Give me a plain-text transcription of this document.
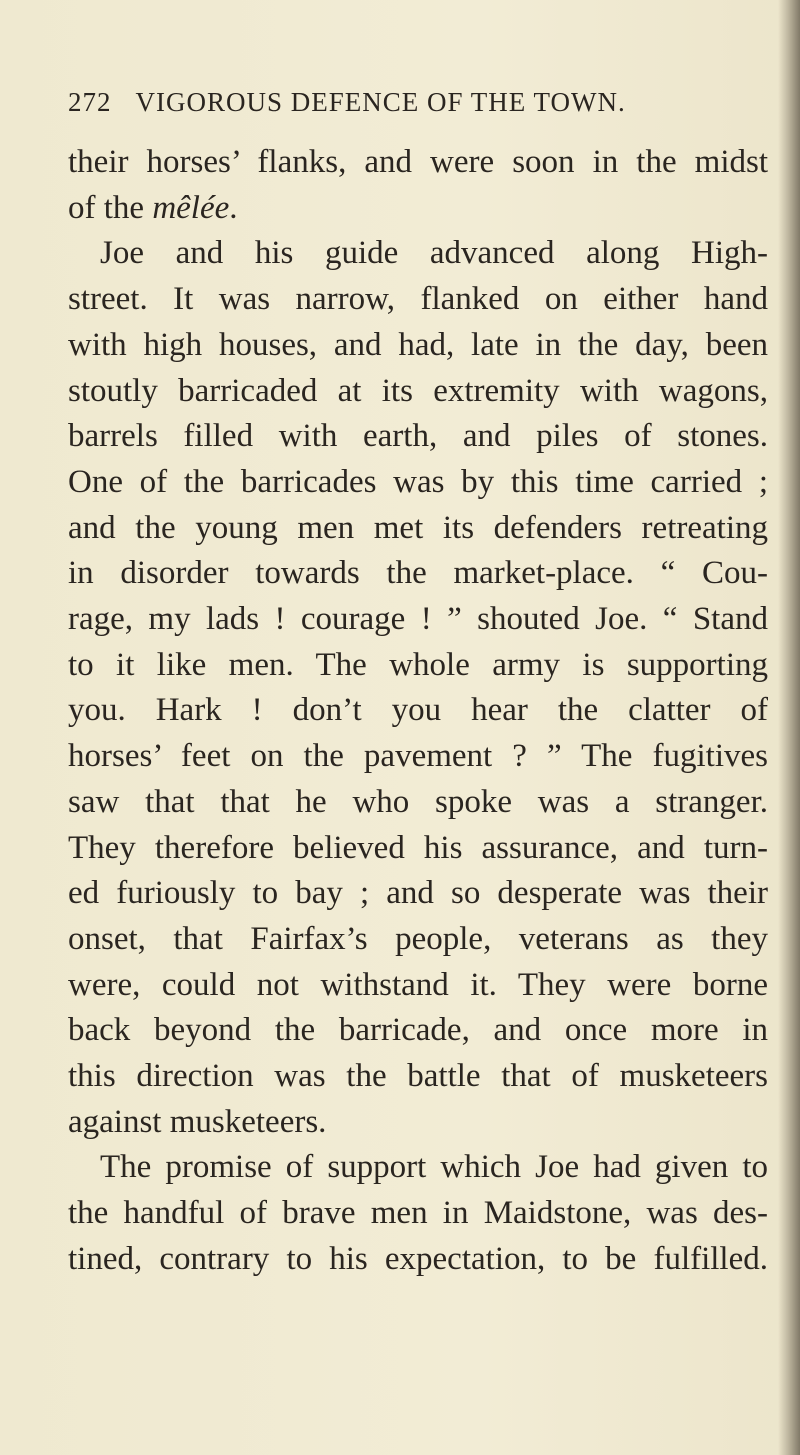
272 VIGOROUS DEFENCE OF THE TOWN.
their horses’ flanks, and were soon in the midst
of the mêlée.
Joe and his guide advanced along High-
street. It was narrow, flanked on either hand
with high houses, and had, late in the day, been
stoutly barricaded at its extremity with wagons,
barrels filled with earth, and piles of stones.
One of the barricades was by this time carried ;
and the young men met its defenders retreating
in disorder towards the market-place. “ Cou-
rage, my lads ! courage ! ” shouted Joe. “ Stand
to it like men. The whole army is supporting
you. Hark ! don’t you hear the clatter of
horses’ feet on the pavement ? ” The fugitives
saw that that he who spoke was a stranger.
They therefore believed his assurance, and turn-
ed furiously to bay ; and so desperate was their
onset, that Fairfax’s people, veterans as they
were, could not withstand it. They were borne
back beyond the barricade, and once more in
this direction was the battle that of musketeers
against musketeers.
The promise of support which Joe had given to
the handful of brave men in Maidstone, was des-
tined, contrary to his expectation, to be fulfilled.
